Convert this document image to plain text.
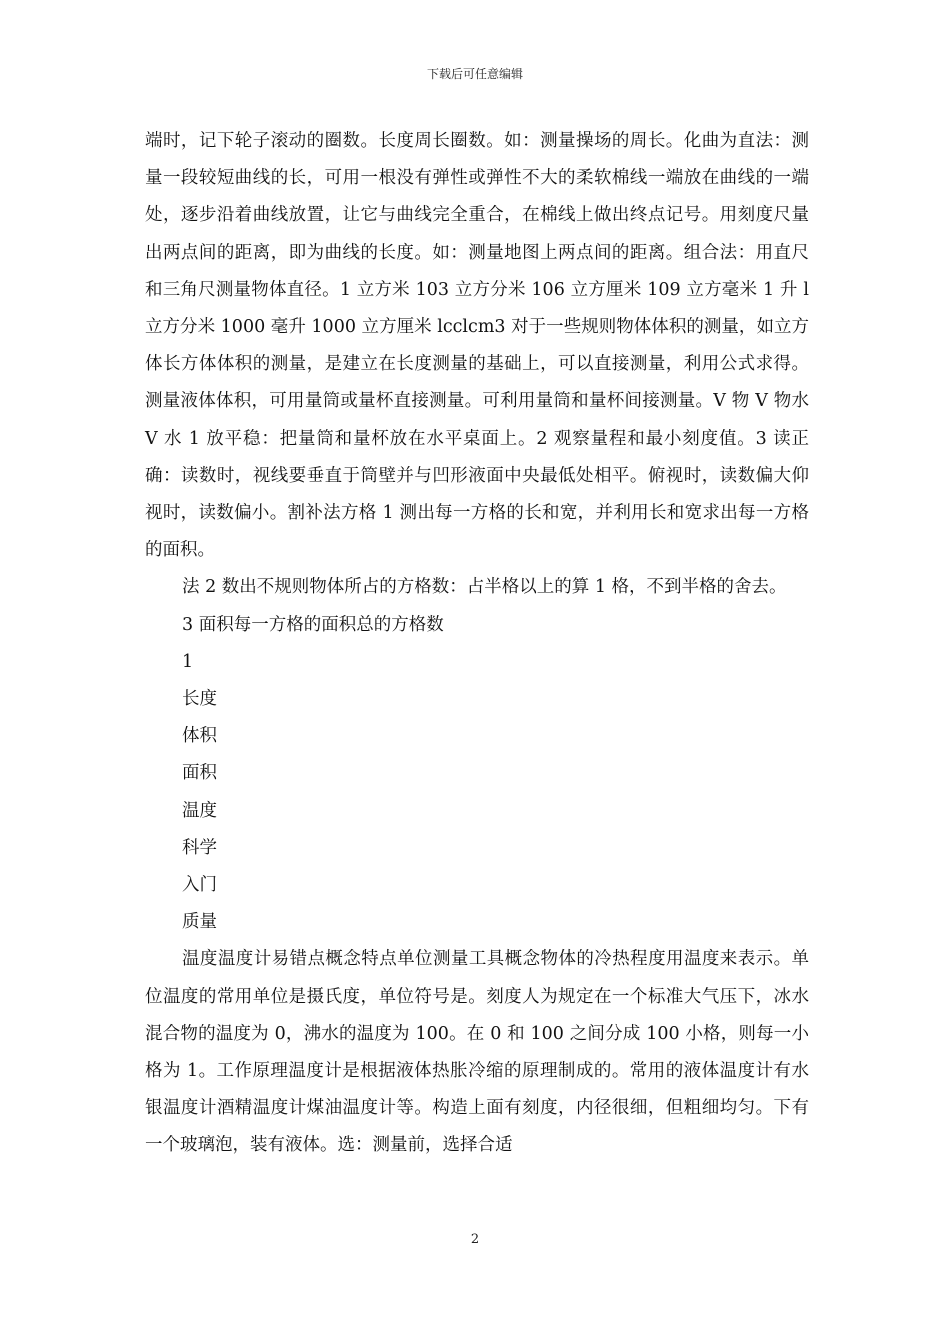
下载后可任意编辑

端时，记下轮子滚动的圈数。长度周长圈数。如：测量操场的周长。化曲为直法：测量一段较短曲线的长，可用一根没有弹性或弹性不大的柔软棉线一端放在曲线的一端处，逐步沿着曲线放置，让它与曲线完全重合，在棉线上做出终点记号。用刻度尺量出两点间的距离，即为曲线的长度。如：测量地图上两点间的距离。组合法：用直尺和三角尺测量物体直径。1 立方米 103 立方分米 106 立方厘米 109 立方毫米 1 升 l 立方分米 1000 毫升 1000 立方厘米 lcclcm3 对于一些规则物体体积的测量，如立方体长方体体积的测量，是建立在长度测量的基础上，可以直接测量，利用公式求得。测量液体体积，可用量筒或量杯直接测量。可利用量筒和量杯间接测量。V 物 V 物水 V 水 1 放平稳：把量筒和量杯放在水平桌面上。2 观察量程和最小刻度值。3 读正确：读数时，视线要垂直于筒壁并与凹形液面中央最低处相平。俯视时，读数偏大仰视时，读数偏小。割补法方格 1 测出每一方格的长和宽，并利用长和宽求出每一方格的面积。

法 2 数出不规则物体所占的方格数：占半格以上的算 1 格，不到半格的舍去。

3 面积每一方格的面积总的方格数

1

长度

体积

面积

温度

科学

入门

质量

温度温度计易错点概念特点单位测量工具概念物体的冷热程度用温度来表示。单位温度的常用单位是摄氏度，单位符号是。刻度人为规定在一个标准大气压下，冰水混合物的温度为 0，沸水的温度为 100。在 0 和 100 之间分成 100 小格，则每一小格为 1。工作原理温度计是根据液体热胀冷缩的原理制成的。常用的液体温度计有水银温度计酒精温度计煤油温度计等。构造上面有刻度，内径很细，但粗细均匀。下有一个玻璃泡，装有液体。选：测量前，选择合适

2
